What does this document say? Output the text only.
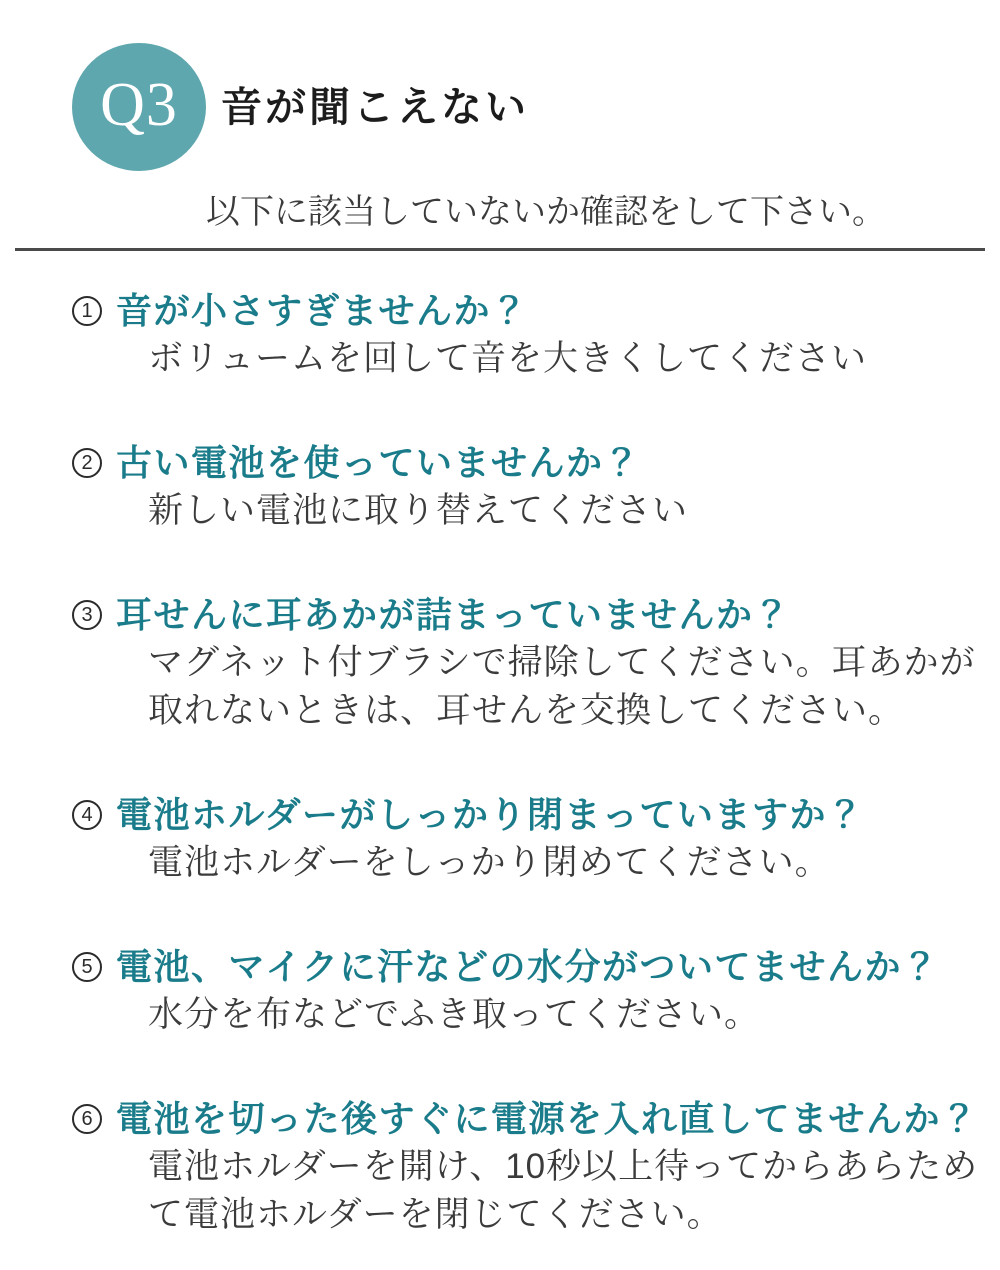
Q3 音が聞こえない

以下に該当していないか確認をして下さい。

1 音が小さすぎませんか？

ボリュームを回して音を大きくしてください

2 古い電池を使っていませんか？

新しい電池に取り替えてください

3 耳せんに耳あかが詰まっていませんか？

マグネット付ブラシで掃除してください。耳あかが取れないときは、耳せんを交換してください。

4 電池ホルダーがしっかり閉まっていますか？

電池ホルダーをしっかり閉めてください。

5 電池、マイクに汗などの水分がついてませんか？

水分を布などでふき取ってください。

6 電池を切った後すぐに電源を入れ直してませんか？

電池ホルダーを開け、10秒以上待ってからあらためて電池ホルダーを閉じてください。
